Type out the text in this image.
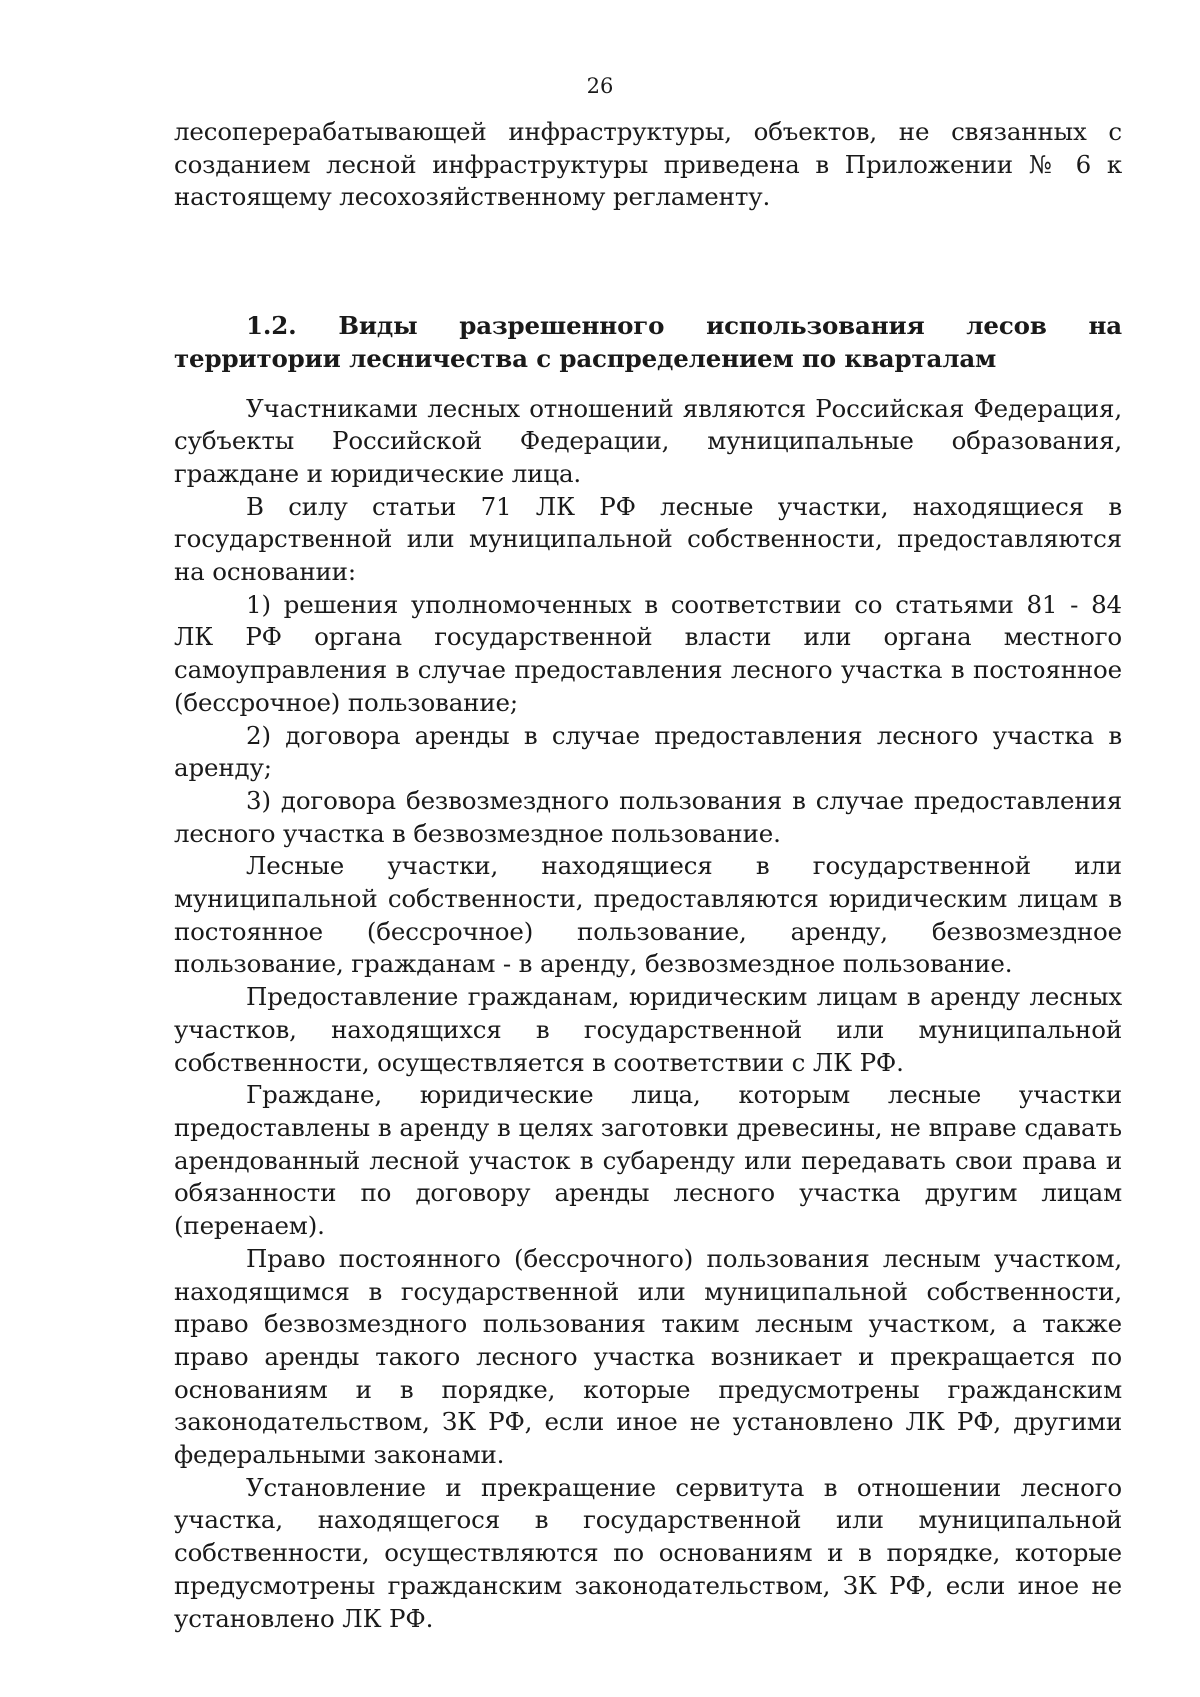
26

лесоперерабатывающей инфраструктуры, объектов, не связанных с созданием лесной инфраструктуры приведена в Приложении № 6 к настоящему лесохозяйственному регламенту.

1.2. Виды разрешенного использования лесов на территории лесничества с распределением по кварталам

Участниками лесных отношений являются Российская Федерация, субъекты Российской Федерации, муниципальные образования, граждане и юридические лица.

В силу статьи 71 ЛК РФ лесные участки, находящиеся в государственной или муниципальной собственности, предоставляются на основании:

1) решения уполномоченных в соответствии со статьями 81 - 84 ЛК РФ органа государственной власти или органа местного самоуправления в случае предоставления лесного участка в постоянное (бессрочное) пользование;

2) договора аренды в случае предоставления лесного участка в аренду;

3) договора безвозмездного пользования в случае предоставления лесного участка в безвозмездное пользование.

Лесные участки, находящиеся в государственной или муниципальной собственности, предоставляются юридическим лицам в постоянное (бессрочное) пользование, аренду, безвозмездное пользование, гражданам - в аренду, безвозмездное пользование.

Предоставление гражданам, юридическим лицам в аренду лесных участков, находящихся в государственной или муниципальной собственности, осуществляется в соответствии с ЛК РФ.

Граждане, юридические лица, которым лесные участки предоставлены в аренду в целях заготовки древесины, не вправе сдавать арендованный лесной участок в субаренду или передавать свои права и обязанности по договору аренды лесного участка другим лицам (перенаем).

Право постоянного (бессрочного) пользования лесным участком, находящимся в государственной или муниципальной собственности, право безвозмездного пользования таким лесным участком, а также право аренды такого лесного участка возникает и прекращается по основаниям и в порядке, которые предусмотрены гражданским законодательством, ЗК РФ, если иное не установлено ЛК РФ, другими федеральными законами.

Установление и прекращение сервитута в отношении лесного участка, находящегося в государственной или муниципальной собственности, осуществляются по основаниям и в порядке, которые предусмотрены гражданским законодательством, ЗК РФ, если иное не установлено ЛК РФ.
